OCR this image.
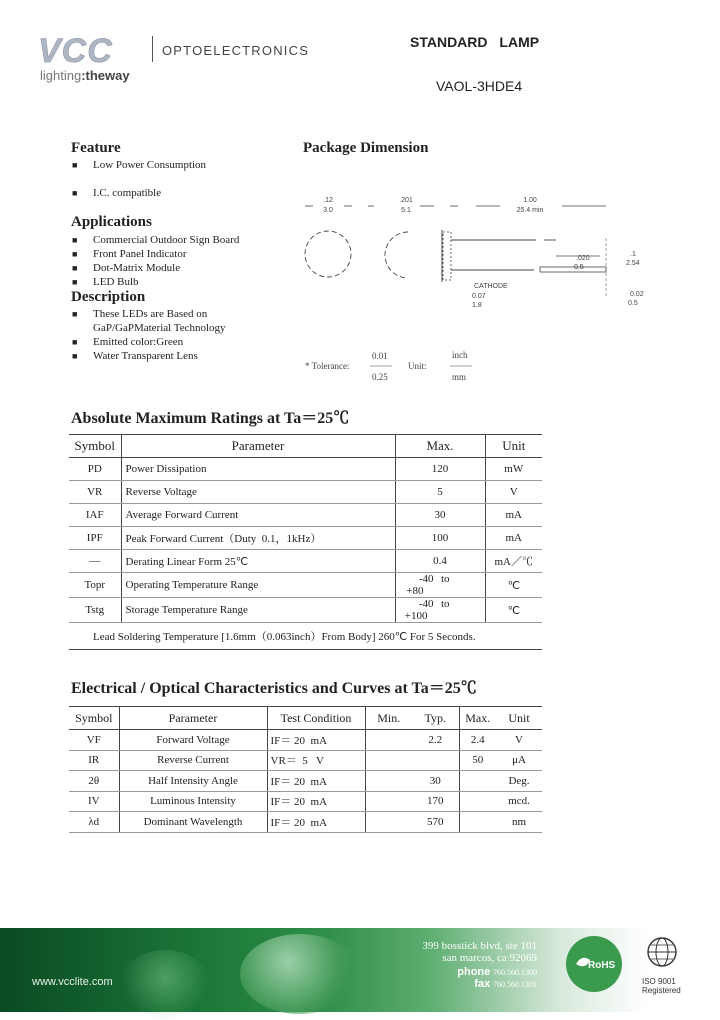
VCC	OPTOELECTRONICS
lighting:theway
STANDARD LAMP
VAOL-3HDE4
Feature
■ Low Power Consumption
■ I.C. compatible
Applications
■ Commercial Outdoor Sign Board
■ Front Panel Indicator
■ Dot-Matrix Module
■ LED Bulb
Description
■ These LEDs are Based on
GaP/GaPMaterial Technology
■ Emitted color:Green
■ Water Transparent Lens
Package Dimension
.12
3.0
.201
5.1
1.00
25.4 min
.020
0.5
.1
2.54
CATHODE
0.07
1.8
0.02
0.5
* Tolerance:
0.01
0.25
Unit:
inch
mm
Absolute Maximum Ratings at Ta＝25℃
Symbol	Parameter	Max.	Unit
PD	Power Dissipation	120	mW
VR	Reverse Voltage	5	V
IAF	Average Forward Current	30	mA
IPF	Peak Forward Current（Duty  0.1，1kHz）	100	mA
—	Derating Linear Form 25℃	0.4	mA／℃
Topr	Operating Temperature Range	-40 to +80	℃
Tstg	Storage Temperature Range	-40 to +100	℃
Lead Soldering Temperature [1.6mm（0.063inch）From Body] 260℃ For 5 Seconds.			
Electrical / Optical Characteristics and Curves at Ta＝25℃
Symbol	Parameter	Test Condition	Min.	Typ.	Max.	Unit
VF	Forward Voltage	IF＝ 20  mA		2.2	2.4	V
IR	Reverse Current	VR＝  5   V			50	μA
2θ	Half Intensity Angle	IF＝ 20  mA		30		Deg.
IV	Luminous Intensity	IF＝ 20  mA		170		mcd.
λd	Dominant Wavelength	IF＝ 20  mA		570		nm
www.vcclite.com
399 bosstick blvd, ste 101
san marcos, ca 92069
phone 760.560.1300
fax 760.560.1301
RoHS
ISO 9001
Registered
